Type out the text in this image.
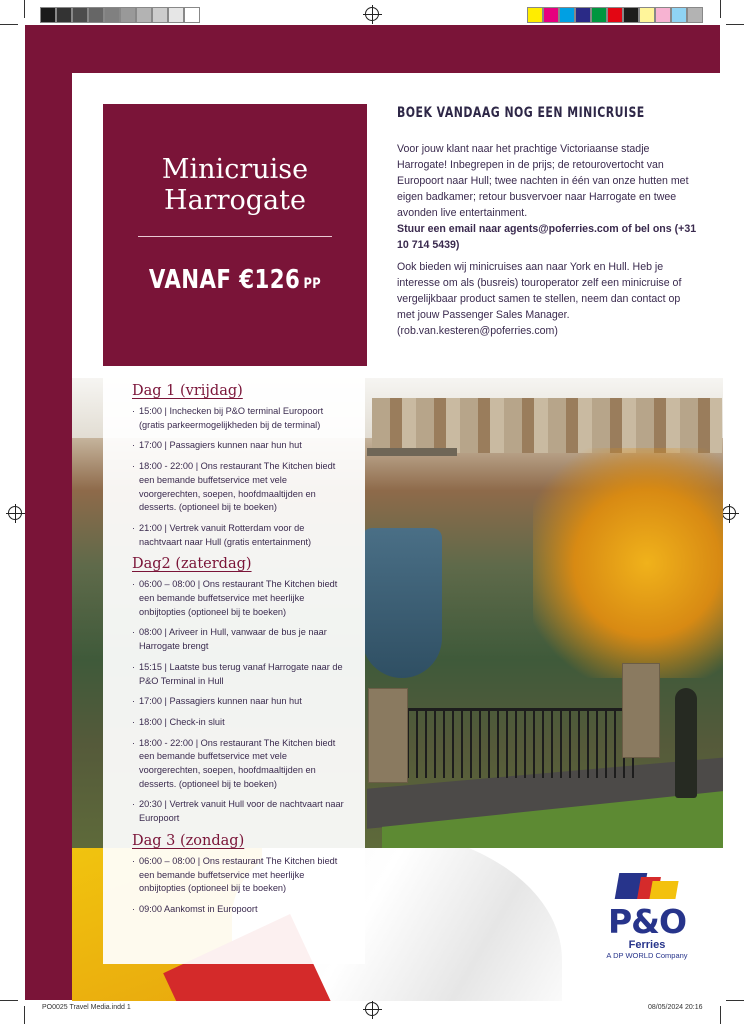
Minicruise
Harrogate
VANAF €126 PP
BOEK VANDAAG NOG EEN MINICRUISE

Voor jouw klant naar het prachtige Victoriaanse stadje Harrogate! Inbegrepen in de prijs; de retourovertocht van Europoort naar Hull; twee nachten in één van onze hutten met eigen badkamer; retour busvervoer naar Harrogate en twee avonden live entertainment.
Stuur een email naar agents@poferries.com of bel ons (+31 10 714 5439)

Ook bieden wij minicruises aan naar York en Hull. Heb je interesse om als (busreis) touroperator zelf een minicruise of vergelijkbaar product samen te stellen, neem dan contact op met jouw Passenger Sales Manager. (rob.van.kesteren@poferries.com)

Dag 1 (vrijdag)
· 15:00 | Inchecken bij P&O terminal Europoort (gratis parkeermogelijkheden bij de terminal)
· 17:00 | Passagiers kunnen naar hun hut
· 18:00 - 22:00 | Ons restaurant The Kitchen biedt een bemande buffetservice met vele voorgerechten, soepen, hoofdmaaltijden en desserts. (optioneel bij te boeken)
· 21:00 | Vertrek vanuit Rotterdam voor de nachtvaart naar Hull (gratis entertainment)
Dag2 (zaterdag)
· 06:00 – 08:00 | Ons restaurant The Kitchen biedt een bemande buffetservice met heerlijke onbijtopties (optioneel bij te boeken)
· 08:00 | Ariveer in Hull, vanwaar de bus je naar Harrogate brengt
· 15:15 | Laatste bus terug vanaf Harrogate naar de P&O Terminal in Hull
· 17:00 | Passagiers kunnen naar hun hut
· 18:00 | Check-in sluit
· 18:00 - 22:00 | Ons restaurant The Kitchen biedt een bemande buffetservice met vele voorgerechten, soepen, hoofdmaaltijden en desserts. (optioneel bij te boeken)
· 20:30 | Vertrek vanuit Hull voor de nachtvaart naar Europoort
Dag 3 (zondag)
· 06:00 – 08:00 | Ons restaurant The Kitchen biedt een bemande buffetservice met heerlijke onbijtopties (optioneel bij te boeken)
· 09:00 Aankomst in Europoort	P&O
Ferries
A DP WORLD Company
PO0025 Travel Media.indd 1	08/05/2024 20:16
